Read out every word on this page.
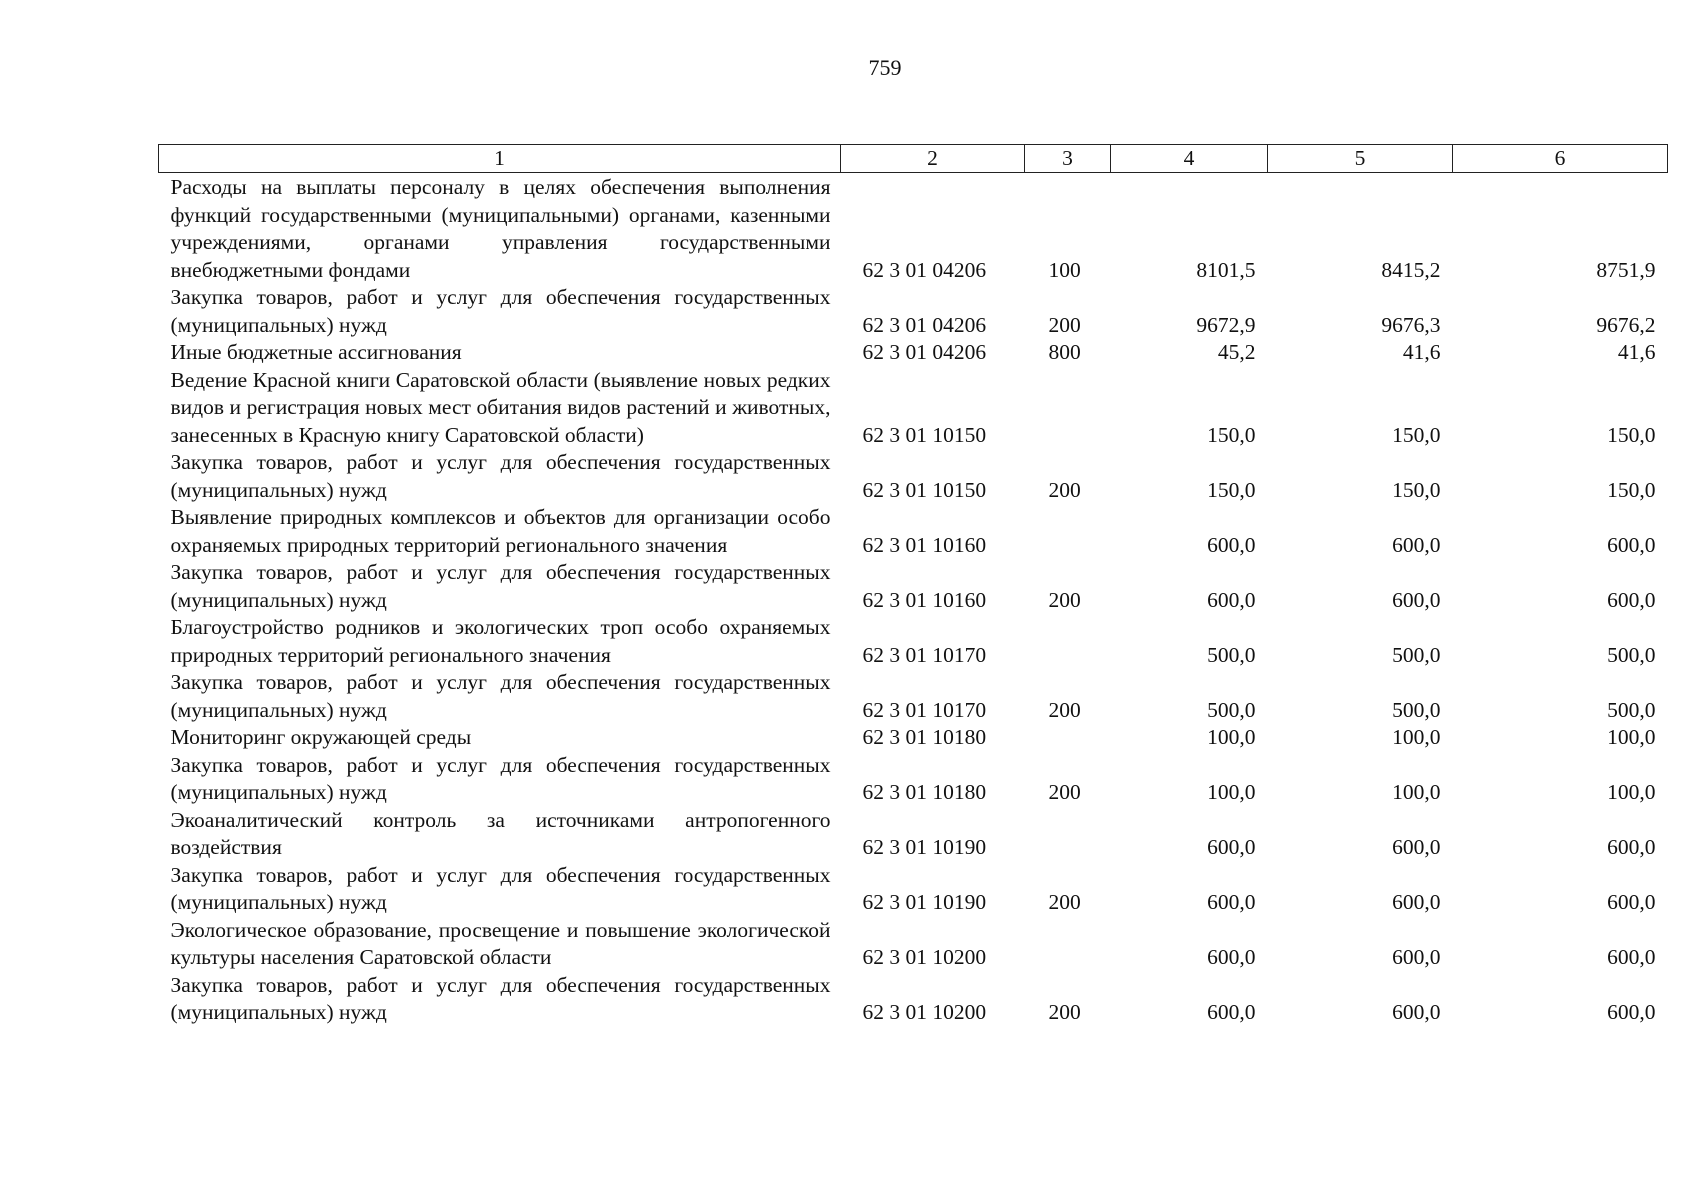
759
1	2	3	4	5	6
Расходы на выплаты персоналу в целях обеспечения выполнения функций государственными (муниципальными) органами, казенными учреждениями, органами управления государственными внебюджетными фондами	62 3 01 04206	100	8101,5	8415,2	8751,9
Закупка товаров, работ и услуг для обеспечения государственных (муниципальных) нужд	62 3 01 04206	200	9672,9	9676,3	9676,2
Иные бюджетные ассигнования	62 3 01 04206	800	45,2	41,6	41,6
Ведение Красной книги Саратовской области (выявление новых редких видов и регистрация новых мест обитания видов растений и животных, занесенных в Красную книгу Саратовской области)	62 3 01 10150		150,0	150,0	150,0
Закупка товаров, работ и услуг для обеспечения государственных (муниципальных) нужд	62 3 01 10150	200	150,0	150,0	150,0
Выявление природных комплексов и объектов для организации особо охраняемых природных территорий регионального значения	62 3 01 10160		600,0	600,0	600,0
Закупка товаров, работ и услуг для обеспечения государственных (муниципальных) нужд	62 3 01 10160	200	600,0	600,0	600,0
Благоустройство родников и экологических троп особо охраняемых природных территорий регионального значения	62 3 01 10170		500,0	500,0	500,0
Закупка товаров, работ и услуг для обеспечения государственных (муниципальных) нужд	62 3 01 10170	200	500,0	500,0	500,0
Мониторинг окружающей среды	62 3 01 10180		100,0	100,0	100,0
Закупка товаров, работ и услуг для обеспечения государственных (муниципальных) нужд	62 3 01 10180	200	100,0	100,0	100,0
Экоаналитический контроль за источниками антропогенного воздействия	62 3 01 10190		600,0	600,0	600,0
Закупка товаров, работ и услуг для обеспечения государственных (муниципальных) нужд	62 3 01 10190	200	600,0	600,0	600,0
Экологическое образование, просвещение и повышение экологической культуры населения Саратовской области	62 3 01 10200		600,0	600,0	600,0
Закупка товаров, работ и услуг для обеспечения государственных (муниципальных) нужд	62 3 01 10200	200	600,0	600,0	600,0
